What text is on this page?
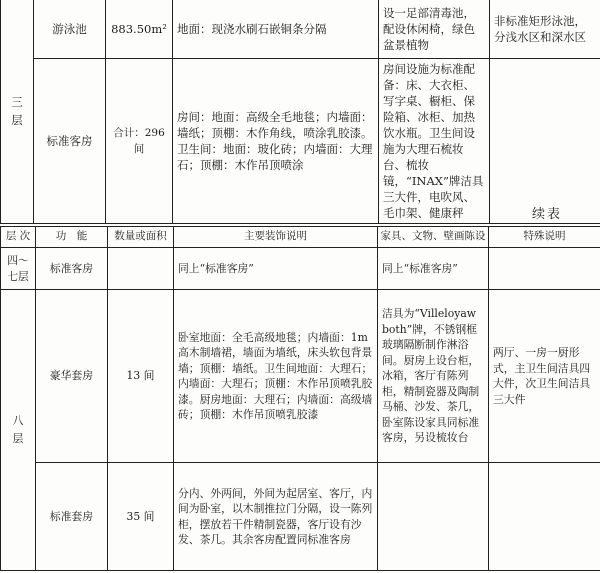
三层	游泳池	883.50m²	地面：现浇水刷石嵌铜条分隔	设一足部清毒池，配设休闲椅，绿色盆景植物	非标准矩形泳池，分浅水区和深水区
	标准客房	合计：296 间	房间：地面：高级全毛地毯；内墙面：墙纸；顶棚：木作角线，喷涂乳胶漆。卫生间：地面：玻化砖；内墙面：大理石；顶棚：木作吊顶喷涂	房间设施为标准配备：床、大衣柜、写字桌、橱柜、保险箱、冰柜、加热饮水瓶。卫生间设施为大理石梳妆台、梳妆镜，“INAX”牌洁具三大件，电吹风、毛巾架、健康秤		续表
层 次	功　能	数量或面积	主要装饰说明	家具、文物、壁画陈设	特殊说明
四～七层	标准客房		同上“标准客房”	同上“标准客房”	
八层	豪华套房	13 间	卧室地面：全毛高级地毯；内墙面：1m 高木制墙裙，墙面为墙纸，床头软包背景墙；顶棚：墙纸。卫生间地面：大理石；内墙面：大理石；顶棚：木作吊顶喷乳胶漆。厨房地面：大理石；内墙面：高级墙砖；顶棚：木作吊顶喷乳胶漆	洁具为“Villeloyaw both”牌，不锈钢框玻璃隔断制作淋浴间。厨房上设台柜，冰箱，客厅有陈列柜，精制瓷器及陶制马桶、沙发、茶几，卧室陈设家具同标准客房，另设梳妆台	两厅、一房一厨形式，主卫生间洁具四大件，次卫生间洁具三大件
	标准套房	35 间	分内、外两间，外间为起居室、客厅，内间为卧室，以木制推拉门分隔，设一陈列柜，摆放若干件精制瓷器，客厅设有沙发、茶几。其余客房配置同标准客房		
